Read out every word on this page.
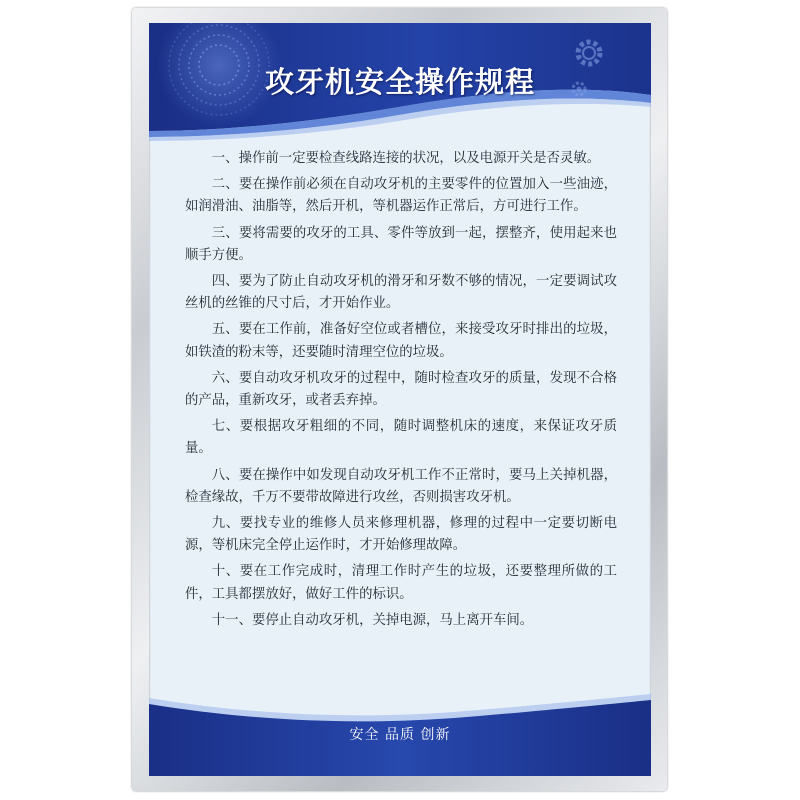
攻牙机安全操作规程

一、操作前一定要检查线路连接的状况，以及电源开关是否灵敏。

二、要在操作前必须在自动攻牙机的主要零件的位置加入一些油迹，如润滑油、油脂等，然后开机，等机器运作正常后，方可进行工作。

三、要将需要的攻牙的工具、零件等放到一起，摆整齐，使用起来也顺手方便。

四、要为了防止自动攻牙机的滑牙和牙数不够的情况，一定要调试攻丝机的丝锥的尺寸后，才开始作业。

五、要在工作前，准备好空位或者槽位，来接受攻牙时排出的垃圾，如铁渣的粉末等，还要随时清理空位的垃圾。

六、要自动攻牙机攻牙的过程中，随时检查攻牙的质量，发现不合格的产品，重新攻牙，或者丢弃掉。

七、要根据攻牙粗细的不同，随时调整机床的速度，来保证攻牙质量。

八、要在操作中如发现自动攻牙机工作不正常时，要马上关掉机器，检查缘故，千万不要带故障进行攻丝，否则损害攻牙机。

九、要找专业的维修人员来修理机器，修理的过程中一定要切断电源，等机床完全停止运作时，才开始修理故障。

十、要在工作完成时，清理工作时产生的垃圾，还要整理所做的工件，工具都摆放好，做好工件的标识。

十一、要停止自动攻牙机，关掉电源，马上离开车间。

安全 品质 创新
